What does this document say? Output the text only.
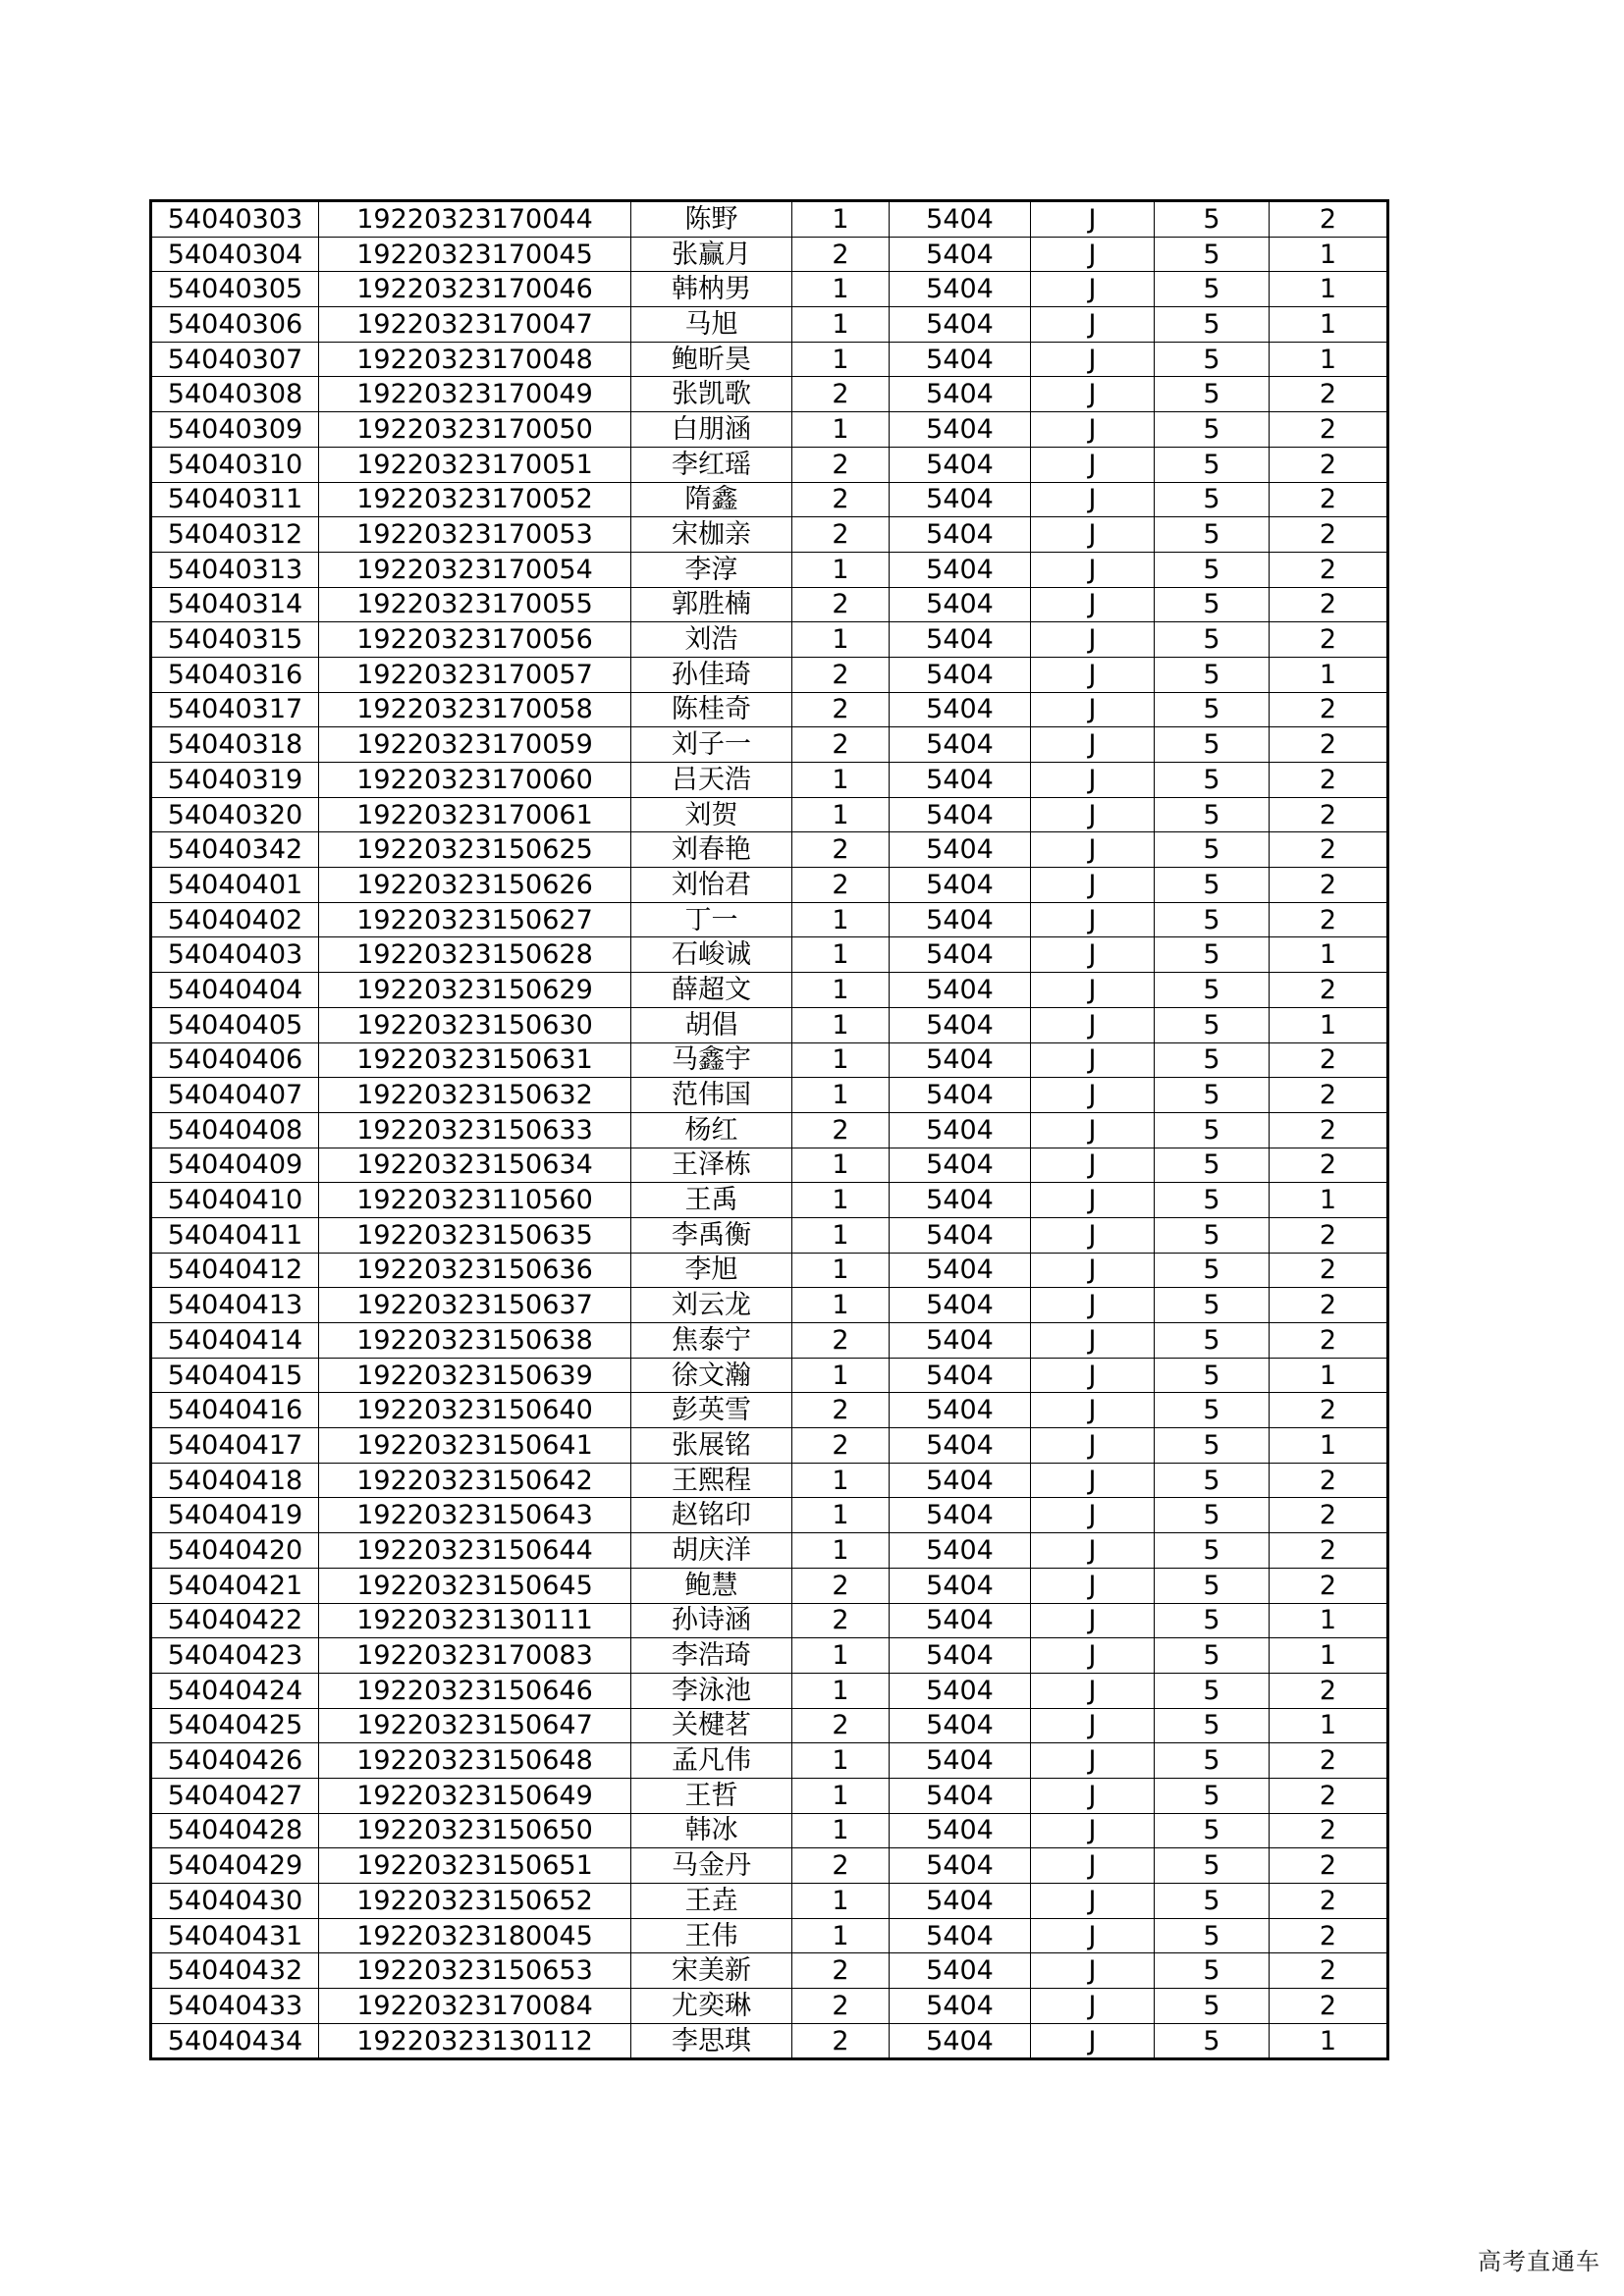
54040303	19220323170044	陈野	1	5404	J	5	2
54040304	19220323170045	张赢月	2	5404	J	5	1
54040305	19220323170046	韩枘男	1	5404	J	5	1
54040306	19220323170047	马旭	1	5404	J	5	1
54040307	19220323170048	鲍昕昊	1	5404	J	5	1
54040308	19220323170049	张凯歌	2	5404	J	5	2
54040309	19220323170050	白朋涵	1	5404	J	5	2
54040310	19220323170051	李红瑶	2	5404	J	5	2
54040311	19220323170052	隋鑫	2	5404	J	5	2
54040312	19220323170053	宋枷亲	2	5404	J	5	2
54040313	19220323170054	李淳	1	5404	J	5	2
54040314	19220323170055	郭胜楠	2	5404	J	5	2
54040315	19220323170056	刘浩	1	5404	J	5	2
54040316	19220323170057	孙佳琦	2	5404	J	5	1
54040317	19220323170058	陈桂奇	2	5404	J	5	2
54040318	19220323170059	刘子一	2	5404	J	5	2
54040319	19220323170060	吕天浩	1	5404	J	5	2
54040320	19220323170061	刘贺	1	5404	J	5	2
54040342	19220323150625	刘春艳	2	5404	J	5	2
54040401	19220323150626	刘怡君	2	5404	J	5	2
54040402	19220323150627	丁一	1	5404	J	5	2
54040403	19220323150628	石峻诚	1	5404	J	5	1
54040404	19220323150629	薛超文	1	5404	J	5	2
54040405	19220323150630	胡倡	1	5404	J	5	1
54040406	19220323150631	马鑫宇	1	5404	J	5	2
54040407	19220323150632	范伟国	1	5404	J	5	2
54040408	19220323150633	杨红	2	5404	J	5	2
54040409	19220323150634	王泽栋	1	5404	J	5	2
54040410	19220323110560	王禹	1	5404	J	5	1
54040411	19220323150635	李禹衡	1	5404	J	5	2
54040412	19220323150636	李旭	1	5404	J	5	2
54040413	19220323150637	刘云龙	1	5404	J	5	2
54040414	19220323150638	焦泰宁	2	5404	J	5	2
54040415	19220323150639	徐文瀚	1	5404	J	5	1
54040416	19220323150640	彭英雪	2	5404	J	5	2
54040417	19220323150641	张展铭	2	5404	J	5	1
54040418	19220323150642	王熙程	1	5404	J	5	2
54040419	19220323150643	赵铭印	1	5404	J	5	2
54040420	19220323150644	胡庆洋	1	5404	J	5	2
54040421	19220323150645	鲍慧	2	5404	J	5	2
54040422	19220323130111	孙诗涵	2	5404	J	5	1
54040423	19220323170083	李浩琦	1	5404	J	5	1
54040424	19220323150646	李泳池	1	5404	J	5	2
54040425	19220323150647	关楗茗	2	5404	J	5	1
54040426	19220323150648	孟凡伟	1	5404	J	5	2
54040427	19220323150649	王哲	1	5404	J	5	2
54040428	19220323150650	韩冰	1	5404	J	5	2
54040429	19220323150651	马金丹	2	5404	J	5	2
54040430	19220323150652	王垚	1	5404	J	5	2
54040431	19220323180045	王伟	1	5404	J	5	2
54040432	19220323150653	宋美新	2	5404	J	5	2
54040433	19220323170084	尤奕琳	2	5404	J	5	2
54040434	19220323130112	李思琪	2	5404	J	5	1
高考直通车
